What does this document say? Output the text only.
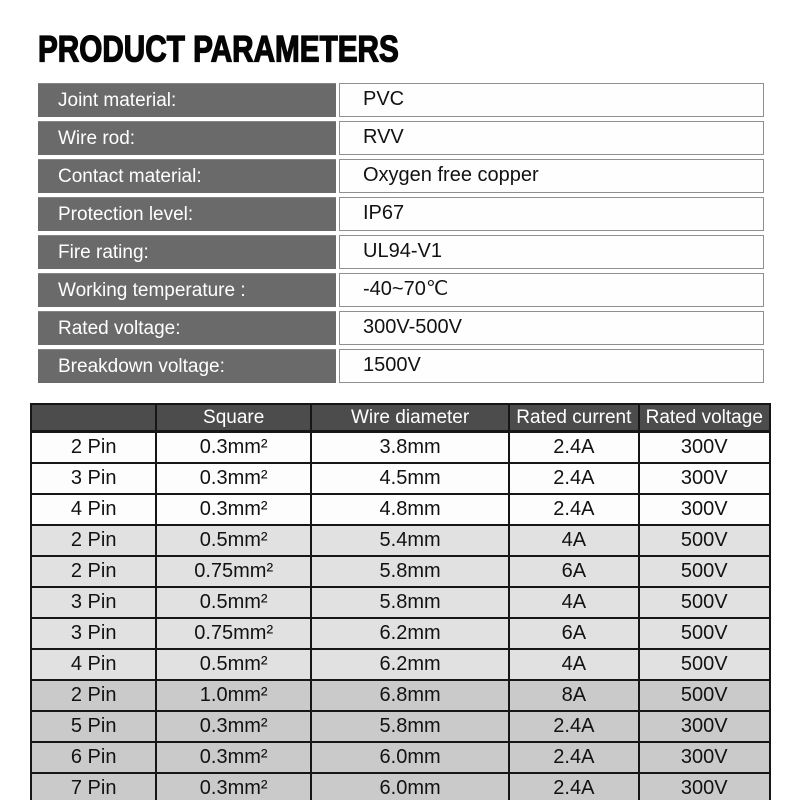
PRODUCT PARAMETERS
Joint material:	PVC
Wire rod:	RVV
Contact material:	Oxygen free copper
Protection level:	IP67
Fire rating:	UL94-V1
Working temperature :	-40~70℃
Rated voltage:	300V-500V
Breakdown voltage:	1500V
	Square	Wire diameter	Rated current	Rated voltage
2 Pin	0.3mm²	3.8mm	2.4A	300V
3 Pin	0.3mm²	4.5mm	2.4A	300V
4 Pin	0.3mm²	4.8mm	2.4A	300V
2 Pin	0.5mm²	5.4mm	4A	500V
2 Pin	0.75mm²	5.8mm	6A	500V
3 Pin	0.5mm²	5.8mm	4A	500V
3 Pin	0.75mm²	6.2mm	6A	500V
4 Pin	0.5mm²	6.2mm	4A	500V
2 Pin	1.0mm²	6.8mm	8A	500V
5 Pin	0.3mm²	5.8mm	2.4A	300V
6 Pin	0.3mm²	6.0mm	2.4A	300V
7 Pin	0.3mm²	6.0mm	2.4A	300V
